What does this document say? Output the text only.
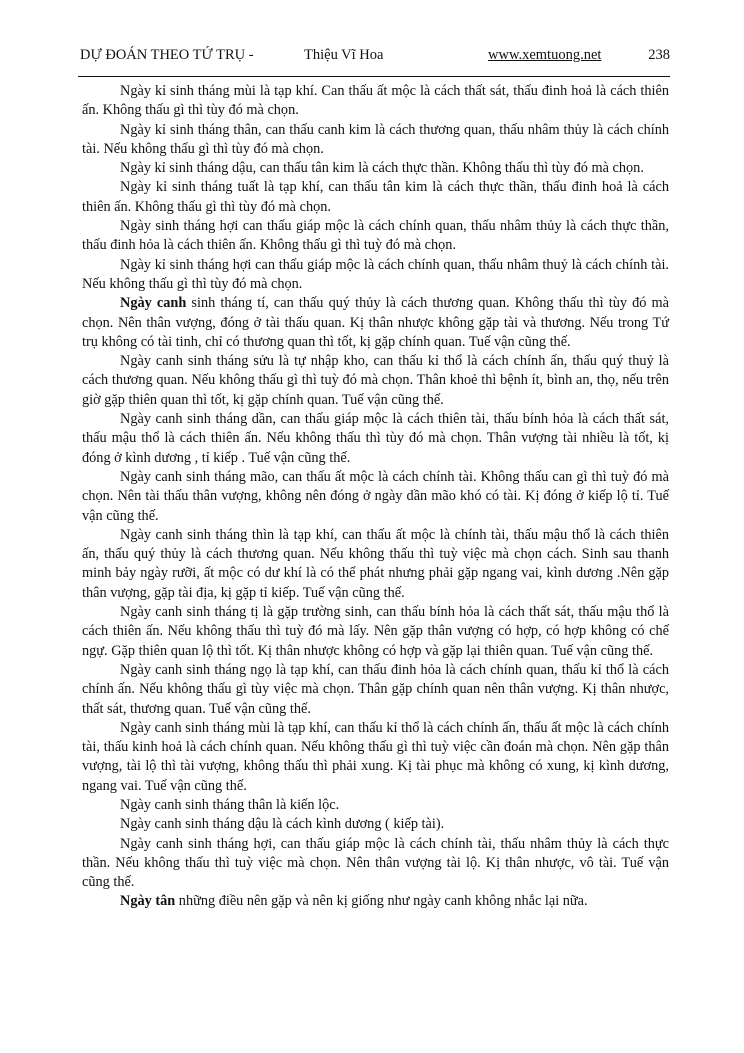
DỰ ĐOÁN THEO TỨ TRỤ -	Thiệu Vĩ Hoa	www.xemtuong.net	238

Ngày kỉ sinh tháng mùi là tạp khí. Can thấu ất mộc là cách thất sát, thấu đinh hoả là cách thiên ấn. Không thấu gì thì tùy đó mà chọn.

Ngày kỉ sinh tháng thân, can thấu canh kim là cách thương quan, thấu nhâm thủy là cách chính tài. Nếu không thấu gì thì tùy đó mà chọn.

Ngày kỉ sinh tháng dậu, can thấu tân kim là cách thực thần. Không thấu thì tùy đó mà chọn.

Ngày kỉ sinh tháng tuất là tạp khí, can thấu tân kim là cách thực thần, thấu đinh hoả là cách thiên ấn. Không thấu gì thì tùy đó mà chọn.

Ngày sinh tháng hợi can thấu giáp mộc là cách chính quan, thấu nhâm thủy là cách thực thần, thấu đinh hỏa là cách thiên ấn. Không thấu gì thì tuỳ đó mà chọn.

Ngày kỉ sinh tháng hợi can thấu giáp mộc là cách chính quan, thấu nhâm thuỷ là cách chính tài. Nếu không thấu gì thì tùy đó mà chọn.

Ngày canh sinh tháng tí, can thấu quý thủy là cách thương quan. Không thấu thì tùy đó mà chọn. Nên thân vượng, đóng ở tài thấu quan. Kị thân nhược không gặp tài và thương. Nếu trong Tứ trụ không có tài tinh, chỉ có thương quan thì tốt, kị gặp chính quan. Tuế vận cũng thế.

Ngày canh sinh tháng sửu là tự nhập kho, can thấu kỉ thổ là cách chính ấn, thấu quý thuỷ là cách thương quan. Nếu không thấu gì thì tuỳ đó mà chọn. Thân khoẻ thì bệnh ít, bình an, thọ, nếu trên giờ gặp thiên quan thì tốt, kị gặp chính quan. Tuế vận cũng thế.

Ngày canh sinh tháng dần, can thấu giáp mộc là cách thiên tài, thấu bính hỏa là cách thất sát, thấu mậu thổ là cách thiên ấn. Nếu không thấu thì tùy đó mà chọn. Thân vượng tài nhiều là tốt, kị đóng ở kình dương , tỉ kiếp . Tuế vận cũng thế.

Ngày canh sinh tháng mão, can thấu ất mộc là cách chính tài. Không thấu can gì thì tuỳ đó mà chọn. Nên tài thấu thân vượng, không nên đóng ở ngày dần mão khó có tài. Kị đóng ở kiếp lộ tỉ. Tuế vận cũng thế.

Ngày canh sinh tháng thìn là tạp khí, can thấu ất mộc là chính tài, thấu mậu thổ là cách thiên ấn, thấu quý thủy là cách thương quan. Nếu không thấu thì tuỳ việc mà chọn cách. Sinh sau thanh minh bảy ngày rưỡi, ất mộc có dư khí là có thể phát nhưng phải gặp ngang vai, kình dương .Nên gặp thân vượng, gặp tài địa, kị gặp tỉ kiếp. Tuế vận cũng thế.

Ngày canh sinh tháng tị là gặp trường sinh, can thấu bính hỏa là cách thất sát, thấu mậu thổ là cách thiên ấn. Nếu không thấu thì tuỳ đó mà lấy. Nên gặp thân vượng có hợp, có hợp không có chế ngự. Gặp thiên quan lộ thì tốt. Kị thân nhược không có hợp và gặp lại thiên quan. Tuế vận cũng thế.

Ngày canh sinh tháng ngọ là tạp khí, can thấu đinh hỏa là cách chính quan, thấu kỉ thổ là cách chính ấn. Nếu không thấu gì tùy việc mà chọn. Thân gặp chính quan nên thân vượng. Kị thân nhược, thất sát, thương quan. Tuế vận cũng thế.

Ngày canh sinh tháng mùi là tạp khí, can thấu kỉ thổ là cách chính ấn, thấu ất mộc là cách chính tài, thấu kinh hoả là cách chính quan. Nếu không thấu gì thì tuỳ việc cần đoán mà chọn. Nên gặp thân vượng, tài lộ thì tài vượng, không thấu thì phải xung. Kị tài phục mà không có xung, kị kình dương, ngang vai. Tuế vận cũng thế.

Ngày canh sinh tháng thân là kiến lộc.

Ngày canh sinh tháng dậu là cách kình dương ( kiếp tài).

Ngày canh sinh tháng hợi, can thấu giáp mộc là cách chính tài, thấu nhâm thủy là cách thực thần. Nếu không thấu thì tuỳ việc mà chọn. Nên thân vượng tài lộ. Kị thân nhược, vô tài. Tuế vận cũng thế.

Ngày tân những điều nên gặp và nên kị giống như ngày canh không nhắc lại nữa.
